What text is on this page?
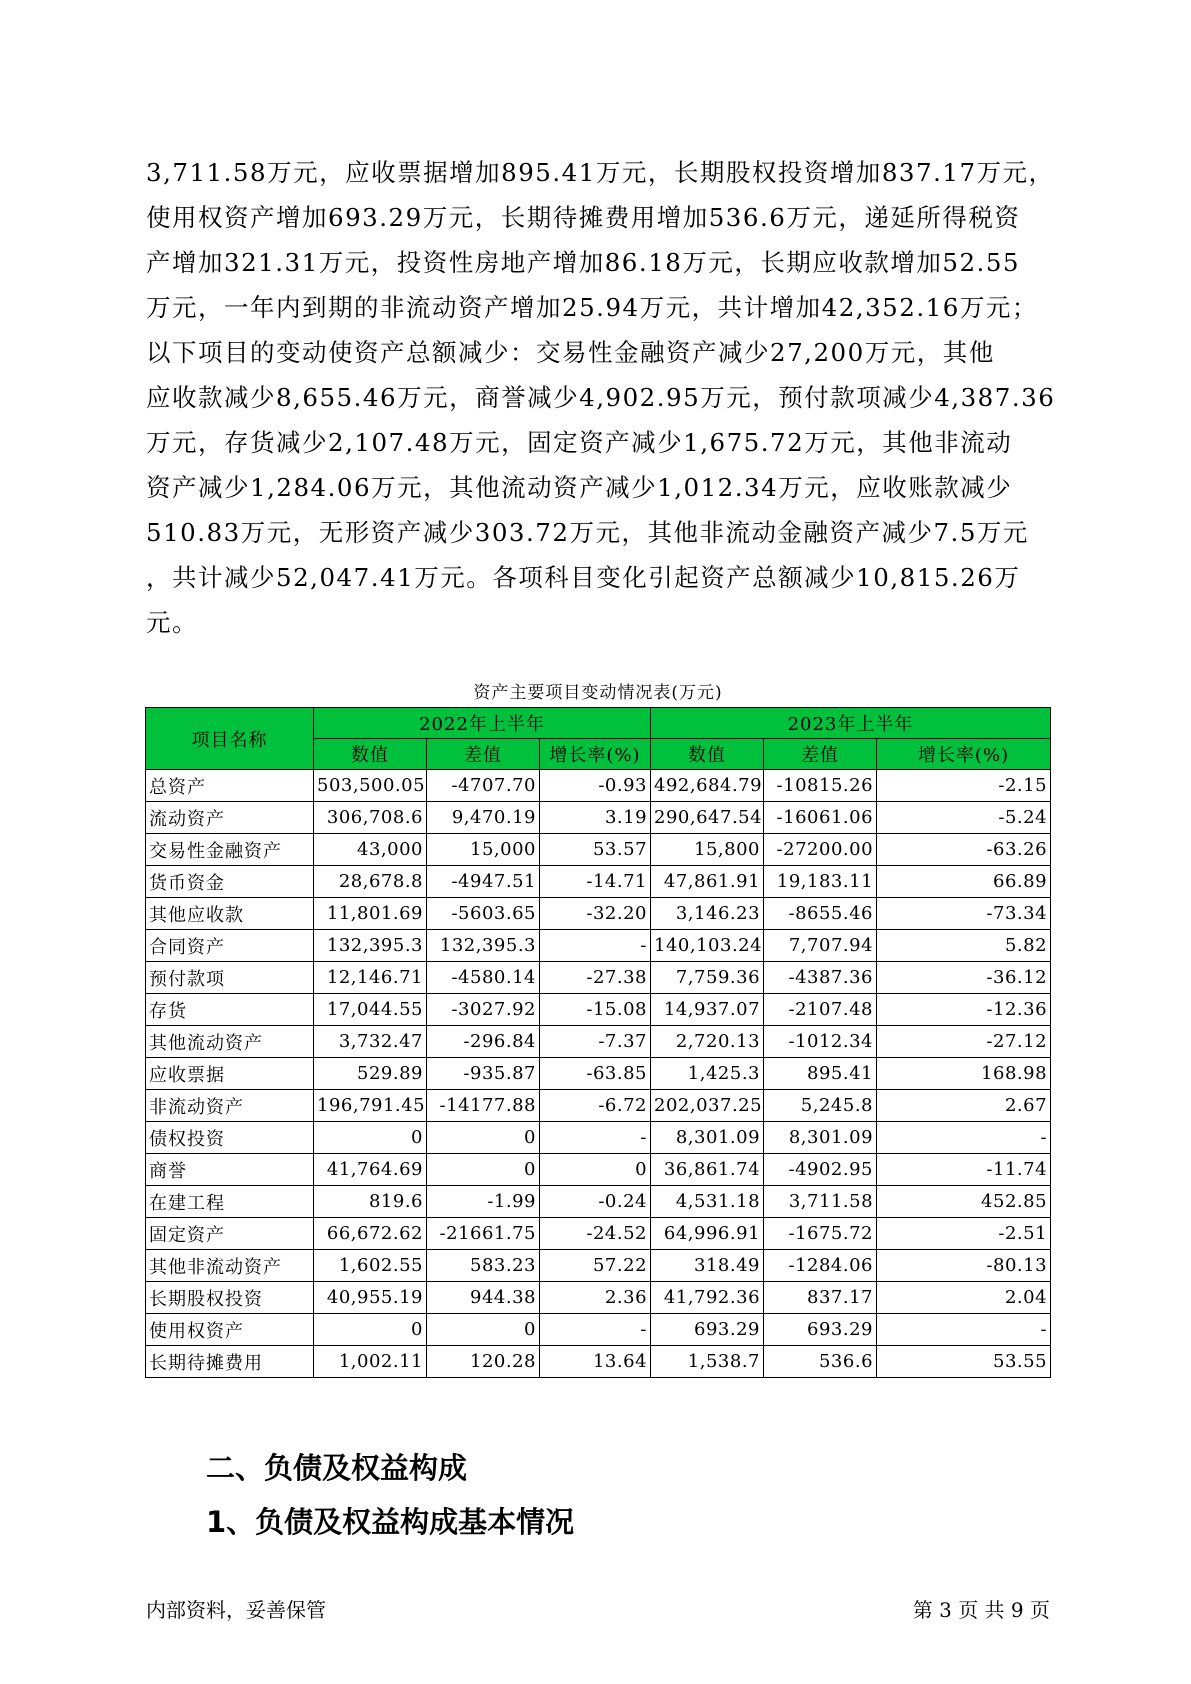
3,711.58万元，应收票据增加895.41万元，长期股权投资增加837.17万元，
使用权资产增加693.29万元，长期待摊费用增加536.6万元，递延所得税资
产增加321.31万元，投资性房地产增加86.18万元，长期应收款增加52.55
万元，一年内到期的非流动资产增加25.94万元，共计增加42,352.16万元；
以下项目的变动使资产总额减少：交易性金融资产减少27,200万元，其他
应收款减少8,655.46万元，商誉减少4,902.95万元，预付款项减少4,387.36
万元，存货减少2,107.48万元，固定资产减少1,675.72万元，其他非流动
资产减少1,284.06万元，其他流动资产减少1,012.34万元，应收账款减少
510.83万元，无形资产减少303.72万元，其他非流动金融资产减少7.5万元
，共计减少52,047.41万元。各项科目变化引起资产总额减少10,815.26万
元。
资产主要项目变动情况表(万元)
项目名称	2022年上半年			2023年上半年		
	数值	差值	增长率(%)	数值	差值	增长率(%)
总资产	503,500.05	-4707.70	-0.93	492,684.79	-10815.26	-2.15
流动资产	306,708.6	9,470.19	3.19	290,647.54	-16061.06	-5.24
交易性金融资产	43,000	15,000	53.57	15,800	-27200.00	-63.26
货币资金	28,678.8	-4947.51	-14.71	47,861.91	19,183.11	66.89
其他应收款	11,801.69	-5603.65	-32.20	3,146.23	-8655.46	-73.34
合同资产	132,395.3	132,395.3	-	140,103.24	7,707.94	5.82
预付款项	12,146.71	-4580.14	-27.38	7,759.36	-4387.36	-36.12
存货	17,044.55	-3027.92	-15.08	14,937.07	-2107.48	-12.36
其他流动资产	3,732.47	-296.84	-7.37	2,720.13	-1012.34	-27.12
应收票据	529.89	-935.87	-63.85	1,425.3	895.41	168.98
非流动资产	196,791.45	-14177.88	-6.72	202,037.25	5,245.8	2.67
债权投资	0	0	-	8,301.09	8,301.09	-
商誉	41,764.69	0	0	36,861.74	-4902.95	-11.74
在建工程	819.6	-1.99	-0.24	4,531.18	3,711.58	452.85
固定资产	66,672.62	-21661.75	-24.52	64,996.91	-1675.72	-2.51
其他非流动资产	1,602.55	583.23	57.22	318.49	-1284.06	-80.13
长期股权投资	40,955.19	944.38	2.36	41,792.36	837.17	2.04
使用权资产	0	0	-	693.29	693.29	-
长期待摊费用	1,002.11	120.28	13.64	1,538.7	536.6	53.55
二、负债及权益构成
1、负债及权益构成基本情况
内部资料，妥善保管	第 3 页 共 9 页
